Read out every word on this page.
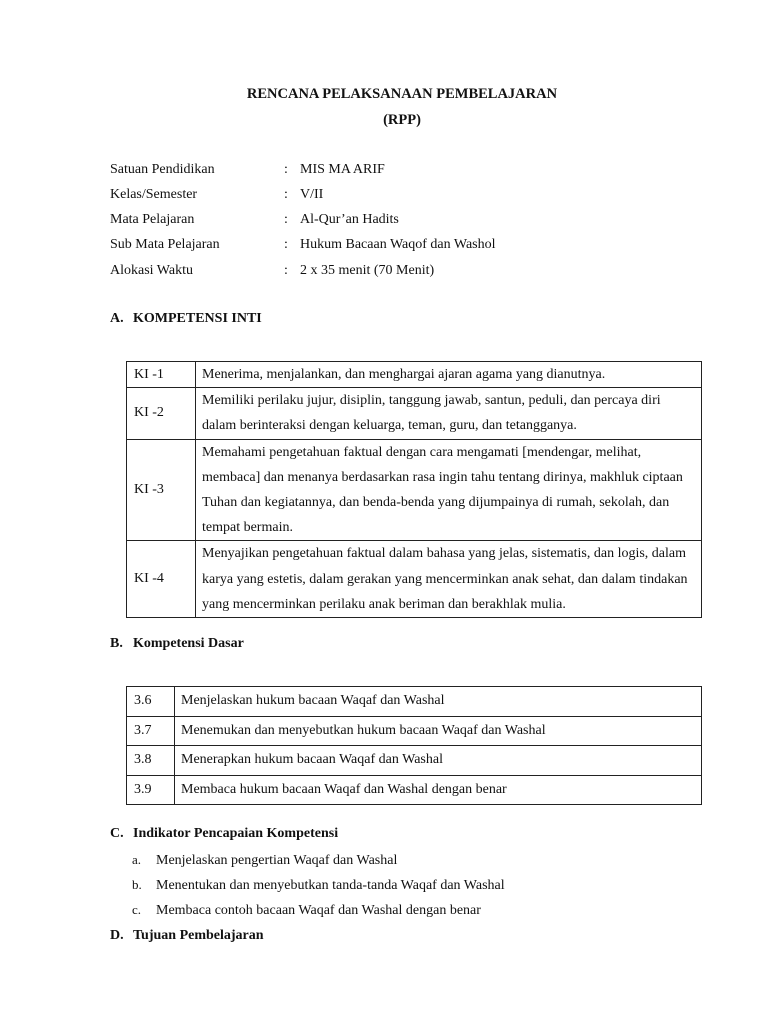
RENCANA PELAKSANAAN PEMBELAJARAN
(RPP)
Satuan Pendidikan	: MIS MA ARIF
Kelas/Semester	: V/II
Mata Pelajaran	: Al-Qur’an Hadits
Sub Mata Pelajaran	: Hukum Bacaan Waqof dan Washol
Alokasi Waktu	: 2 x 35 menit (70 Menit)
A. KOMPETENSI INTI
KI -1	Menerima, menjalankan, dan menghargai ajaran agama yang dianutnya.
KI -2	Memiliki perilaku jujur, disiplin, tanggung jawab, santun, peduli, dan percaya diri dalam berinteraksi dengan keluarga, teman, guru, dan tetangganya.
KI -3	Memahami pengetahuan faktual dengan cara mengamati [mendengar, melihat, membaca] dan menanya berdasarkan rasa ingin tahu tentang dirinya, makhluk ciptaan Tuhan dan kegiatannya, dan benda-benda yang dijumpainya di rumah, sekolah, dan tempat bermain.
KI -4	Menyajikan pengetahuan faktual dalam bahasa yang jelas, sistematis, dan logis, dalam karya yang estetis, dalam gerakan yang mencerminkan anak sehat, dan dalam tindakan yang mencerminkan perilaku anak beriman dan berakhlak mulia.
B. Kompetensi Dasar
3.6	Menjelaskan hukum bacaan Waqaf dan Washal
3.7	Menemukan dan menyebutkan hukum bacaan Waqaf dan Washal
3.8	Menerapkan hukum bacaan Waqaf dan Washal
3.9	Membaca hukum bacaan Waqaf dan Washal dengan benar
C. Indikator Pencapaian Kompetensi
a. Menjelaskan pengertian Waqaf dan Washal
b. Menentukan dan menyebutkan tanda-tanda Waqaf dan Washal
c. Membaca contoh bacaan Waqaf dan Washal dengan benar
D. Tujuan Pembelajaran
